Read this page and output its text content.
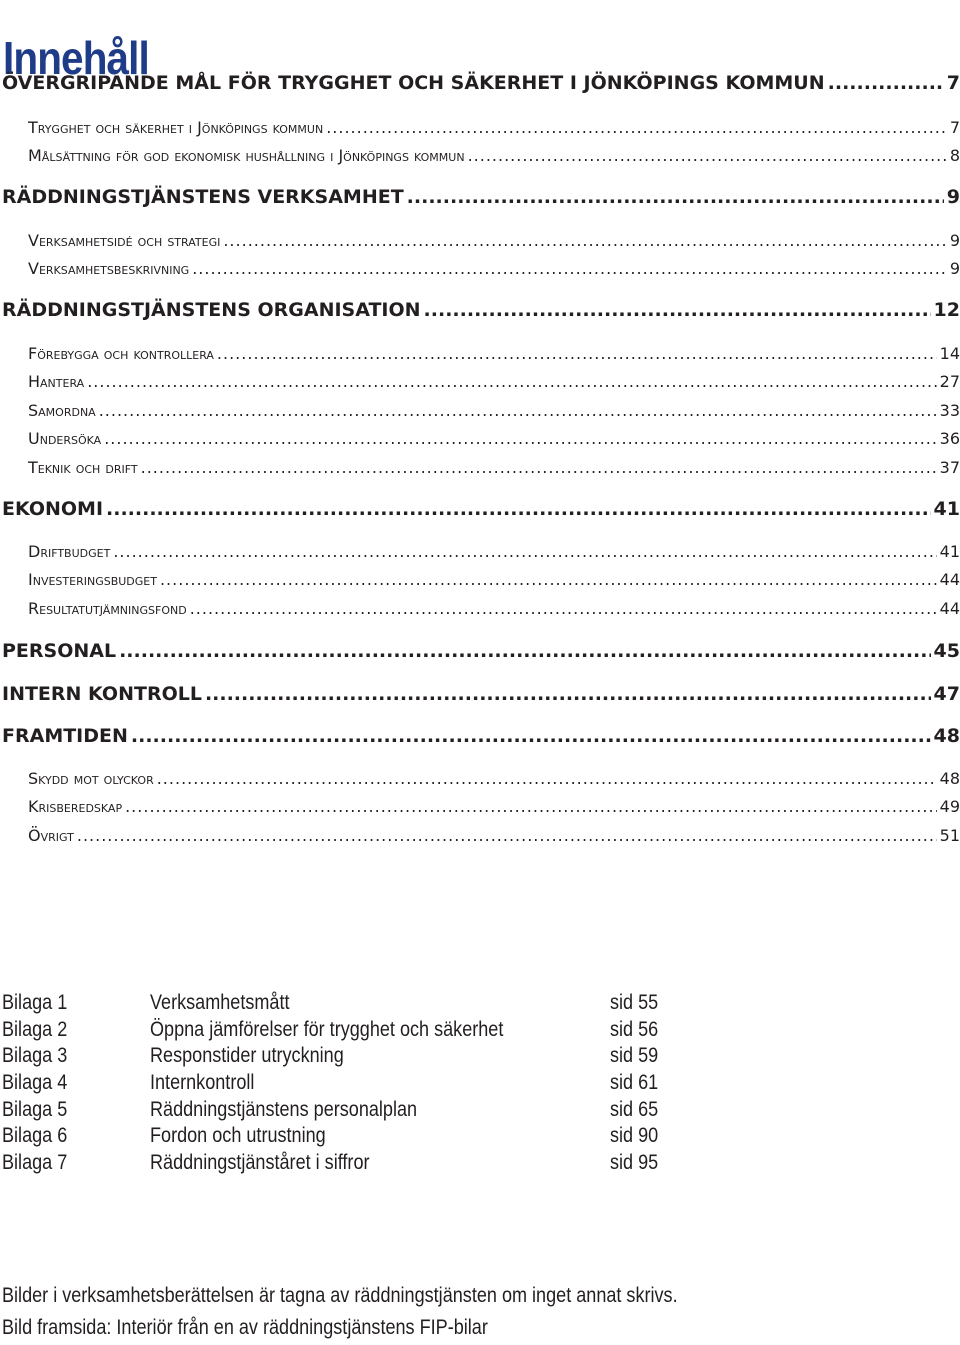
Innehåll
ÖVERGRIPANDE MÅL FÖR TRYGGHET OCH SÄKERHET I JÖNKÖPINGS KOMMUN .....	7
Trygghet och säkerhet i Jönköpings kommun .....	7
Målsättning för god ekonomisk hushållning i Jönköpings kommun .....	8
RÄDDNINGSTJÄNSTENS VERKSAMHET .....	9
Verksamhetsidé och strategi .....	9
Verksamhetsbeskrivning .....	9
RÄDDNINGSTJÄNSTENS ORGANISATION .....	12
Förebygga och kontrollera .....	14
Hantera .....	27
Samordna .....	33
Undersöka .....	36
Teknik och drift .....	37
EKONOMI .....	41
Driftbudget .....	41
Investeringsbudget .....	44
Resultatutjämningsfond .....	44
PERSONAL .....	45
INTERN KONTROLL .....	47
FRAMTIDEN .....	48
Skydd mot olyckor .....	48
Krisberedskap .....	49
Övrigt .....	51
Bilaga 1	Verksamhetsmått	sid 55
Bilaga 2	Öppna jämförelser för trygghet och säkerhet	sid 56
Bilaga 3	Responstider utryckning	sid 59
Bilaga 4	Internkontroll	sid 61
Bilaga 5	Räddningstjänstens personalplan	sid 65
Bilaga 6	Fordon och utrustning	sid 90
Bilaga 7	Räddningstjänståret i siffror	sid 95
Bilder i verksamhetsberättelsen är tagna av räddningstjänsten om inget annat skrivs.
Bild framsida: Interiör från en av räddningstjänstens FIP-bilar
